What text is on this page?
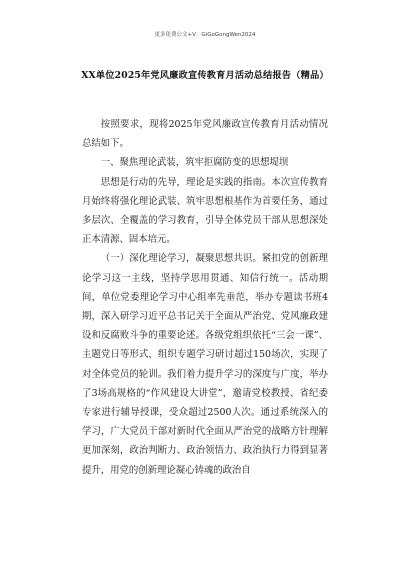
更多免费公文+V：GiGoGongWen2024
XX单位2025年党风廉政宣传教育月活动总结报告（精品）

按照要求，现将2025年党风廉政宣传教育月活动情况总结如下。

一、聚焦理论武装，筑牢拒腐防变的思想堤坝

思想是行动的先导，理论是实践的指南。本次宣传教育月始终将强化理论武装、筑牢思想根基作为首要任务，通过多层次、全覆盖的学习教育，引导全体党员干部从思想深处正本清源、固本培元。

（一）深化理论学习，凝聚思想共识。紧扣党的创新理论学习这一主线，坚持学思用贯通、知信行统一。活动期间，单位党委理论学习中心组率先垂范，举办专题读书班4期，深入研学习近平总书记关于全面从严治党、党风廉政建设和反腐败斗争的重要论述。各级党组织依托“三会一课”、主题党日等形式，组织专题学习研讨超过150场次，实现了对全体党员的轮训。我们着力提升学习的深度与广度，举办了3场高规格的“作风建设大讲堂”，邀请党校教授、省纪委专家进行辅导授课，受众超过2500人次。通过系统深入的学习，广大党员干部对新时代全面从严治党的战略方针理解更加深刻，政治判断力、政治领悟力、政治执行力得到显著提升，用党的创新理论凝心铸魂的政治自
